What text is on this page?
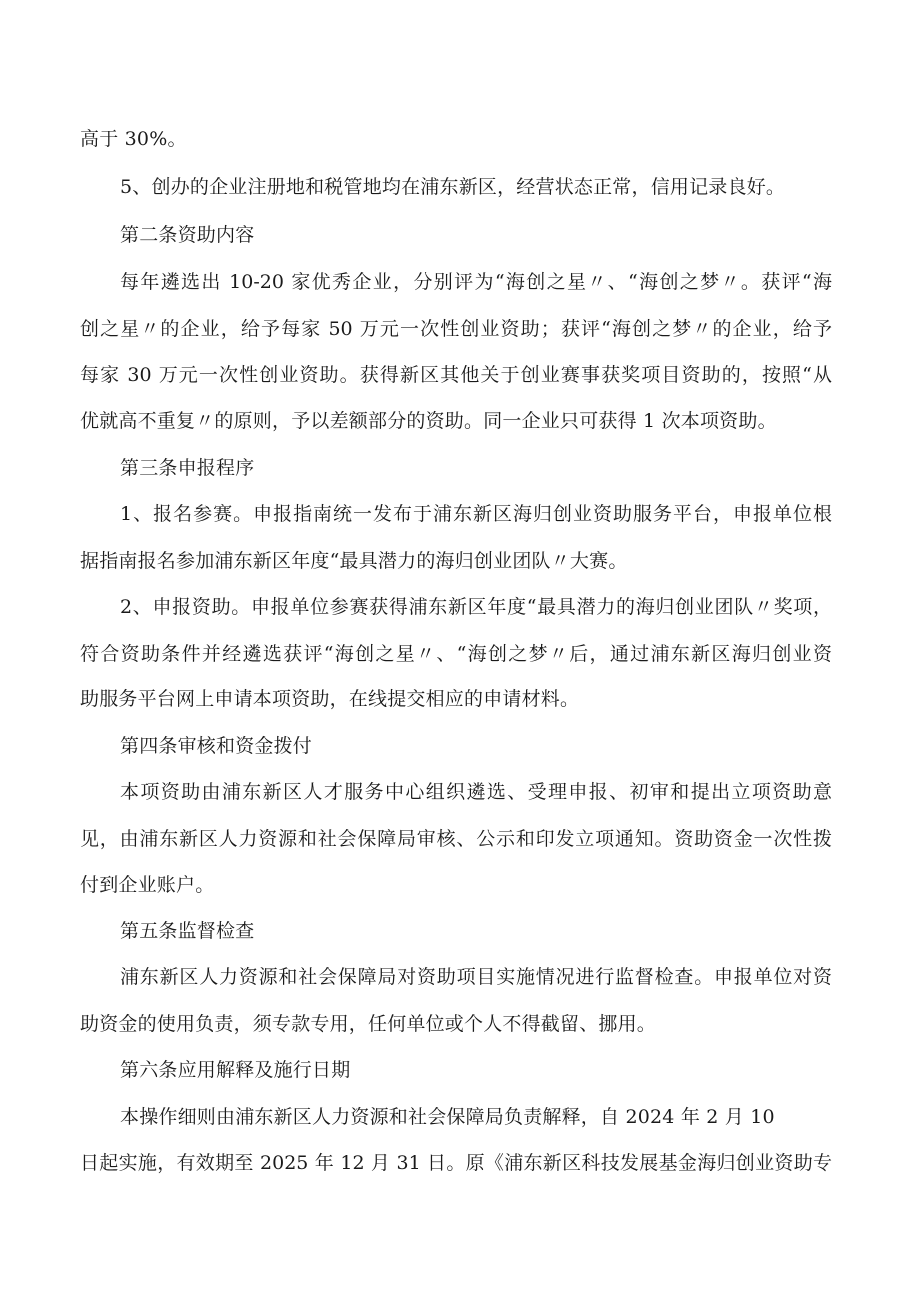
高于 30%。
5、创办的企业注册地和税管地均在浦东新区，经营状态正常，信用记录良好。
第二条资助内容
每年遴选出 10-20 家优秀企业，分别评为“海创之星〃、“海创之梦〃。获评“海
创之星〃的企业，给予每家 50 万元一次性创业资助；获评“海创之梦〃的企业，给予
每家 30 万元一次性创业资助。获得新区其他关于创业赛事获奖项目资助的，按照“从
优就高不重复〃的原则，予以差额部分的资助。同一企业只可获得 1 次本项资助。
第三条申报程序
1、报名参赛。申报指南统一发布于浦东新区海归创业资助服务平台，申报单位根
据指南报名参加浦东新区年度“最具潜力的海归创业团队〃大赛。
2、申报资助。申报单位参赛获得浦东新区年度“最具潜力的海归创业团队〃奖项，
符合资助条件并经遴选获评“海创之星〃、“海创之梦〃后，通过浦东新区海归创业资
助服务平台网上申请本项资助，在线提交相应的申请材料。
第四条审核和资金拨付
本项资助由浦东新区人才服务中心组织遴选、受理申报、初审和提出立项资助意
见，由浦东新区人力资源和社会保障局审核、公示和印发立项通知。资助资金一次性拨
付到企业账户。
第五条监督检查
浦东新区人力资源和社会保障局对资助项目实施情况进行监督检查。申报单位对资
助资金的使用负责，须专款专用，任何单位或个人不得截留、挪用。
第六条应用解释及施行日期
本操作细则由浦东新区人力资源和社会保障局负责解释，自 2024 年 2 月 10
日起实施，有效期至 2025 年 12 月 31 日。原《浦东新区科技发展基金海归创业资助专
